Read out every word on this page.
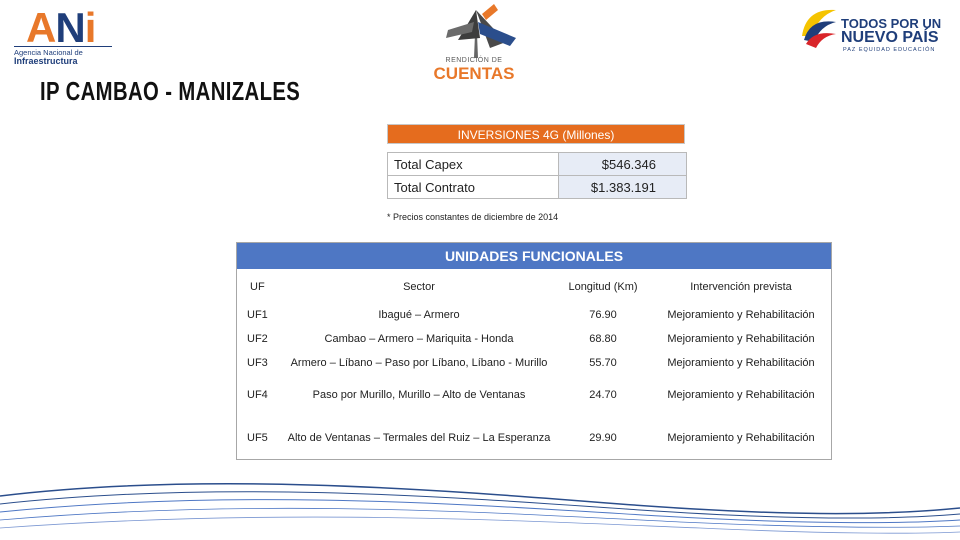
ANi
Agencia Nacional de
Infraestructura	RENDICIÓN DE
CUENTAS
TODOS POR UN
NUEVO PAÍS
PAZ EQUIDAD EDUCACIÓN
IP CAMBAO - MANIZALES
INVERSIONES 4G (Millones)
Total Capex	$546.346
Total Contrato	$1.383.191
* Precios constantes de diciembre de 2014
UNIDADES FUNCIONALES
UF	Sector	Longitud (Km)	Intervención prevista
UF1	Ibagué – Armero	76.90	Mejoramiento y Rehabilitación
UF2	Cambao – Armero – Mariquita - Honda	68.80	Mejoramiento y Rehabilitación
UF3	Armero – Líbano – Paso por Líbano, Líbano - Murillo	55.70	Mejoramiento y Rehabilitación
UF4	Paso por Murillo, Murillo – Alto de Ventanas	24.70	Mejoramiento y Rehabilitación
UF5	Alto de Ventanas – Termales del Ruiz – La Esperanza	29.90	Mejoramiento y Rehabilitación
